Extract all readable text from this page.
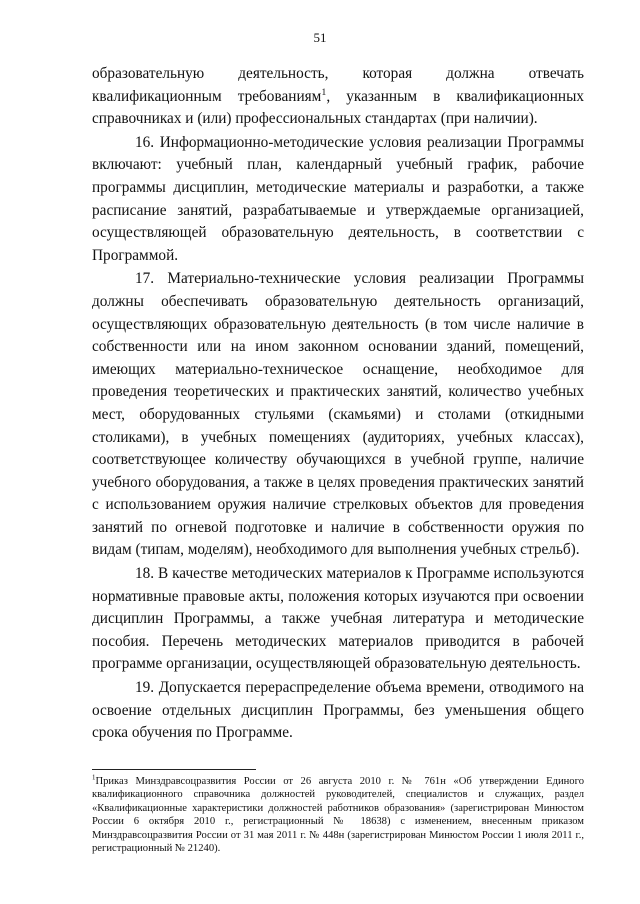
51

образовательную деятельность, которая должна отвечать квалификационным требованиям$^1$, указанным в квалификационных справочниках и (или) профессиональных стандартах (при наличии).

16. Информационно-методические условия реализации Программы включают: учебный план, календарный учебный график, рабочие программы дисциплин, методические материалы и разработки, а также расписание занятий, разрабатываемые и утверждаемые организацией, осуществляющей образовательную деятельность, в соответствии с Программой.

17. Материально-технические условия реализации Программы должны обеспечивать образовательную деятельность организаций, осуществляющих образовательную деятельность (в том числе наличие в собственности или на ином законном основании зданий, помещений, имеющих материально-техническое оснащение, необходимое для проведения теоретических и практических занятий, количество учебных мест, оборудованных стульями (скамьями) и столами (откидными столиками), в учебных помещениях (аудиториях, учебных классах), соответствующее количеству обучающихся в учебной группе, наличие учебного оборудования, а также в целях проведения практических занятий с использованием оружия наличие стрелковых объектов для проведения занятий по огневой подготовке и наличие в собственности оружия по видам (типам, моделям), необходимого для выполнения учебных стрельб).

18. В качестве методических материалов к Программе используются нормативные правовые акты, положения которых изучаются при освоении дисциплин Программы, а также учебная литература и методические пособия. Перечень методических материалов приводится в рабочей программе организации, осуществляющей образовательную деятельность.

19. Допускается перераспределение объема времени, отводимого на освоение отдельных дисциплин Программы, без уменьшения общего срока обучения по Программе.

$^1$Приказ Минздравсоцразвития России от 26 августа 2010 г. № 761н «Об утверждении Единого квалификационного справочника должностей руководителей, специалистов и служащих, раздел «Квалификационные характеристики должностей работников образования» (зарегистрирован Минюстом России 6 октября 2010 г., регистрационный № 18638) с изменением, внесенным приказом Минздравсоцразвития России от 31 мая 2011 г. № 448н (зарегистрирован Минюстом России 1 июля 2011 г., регистрационный № 21240).
